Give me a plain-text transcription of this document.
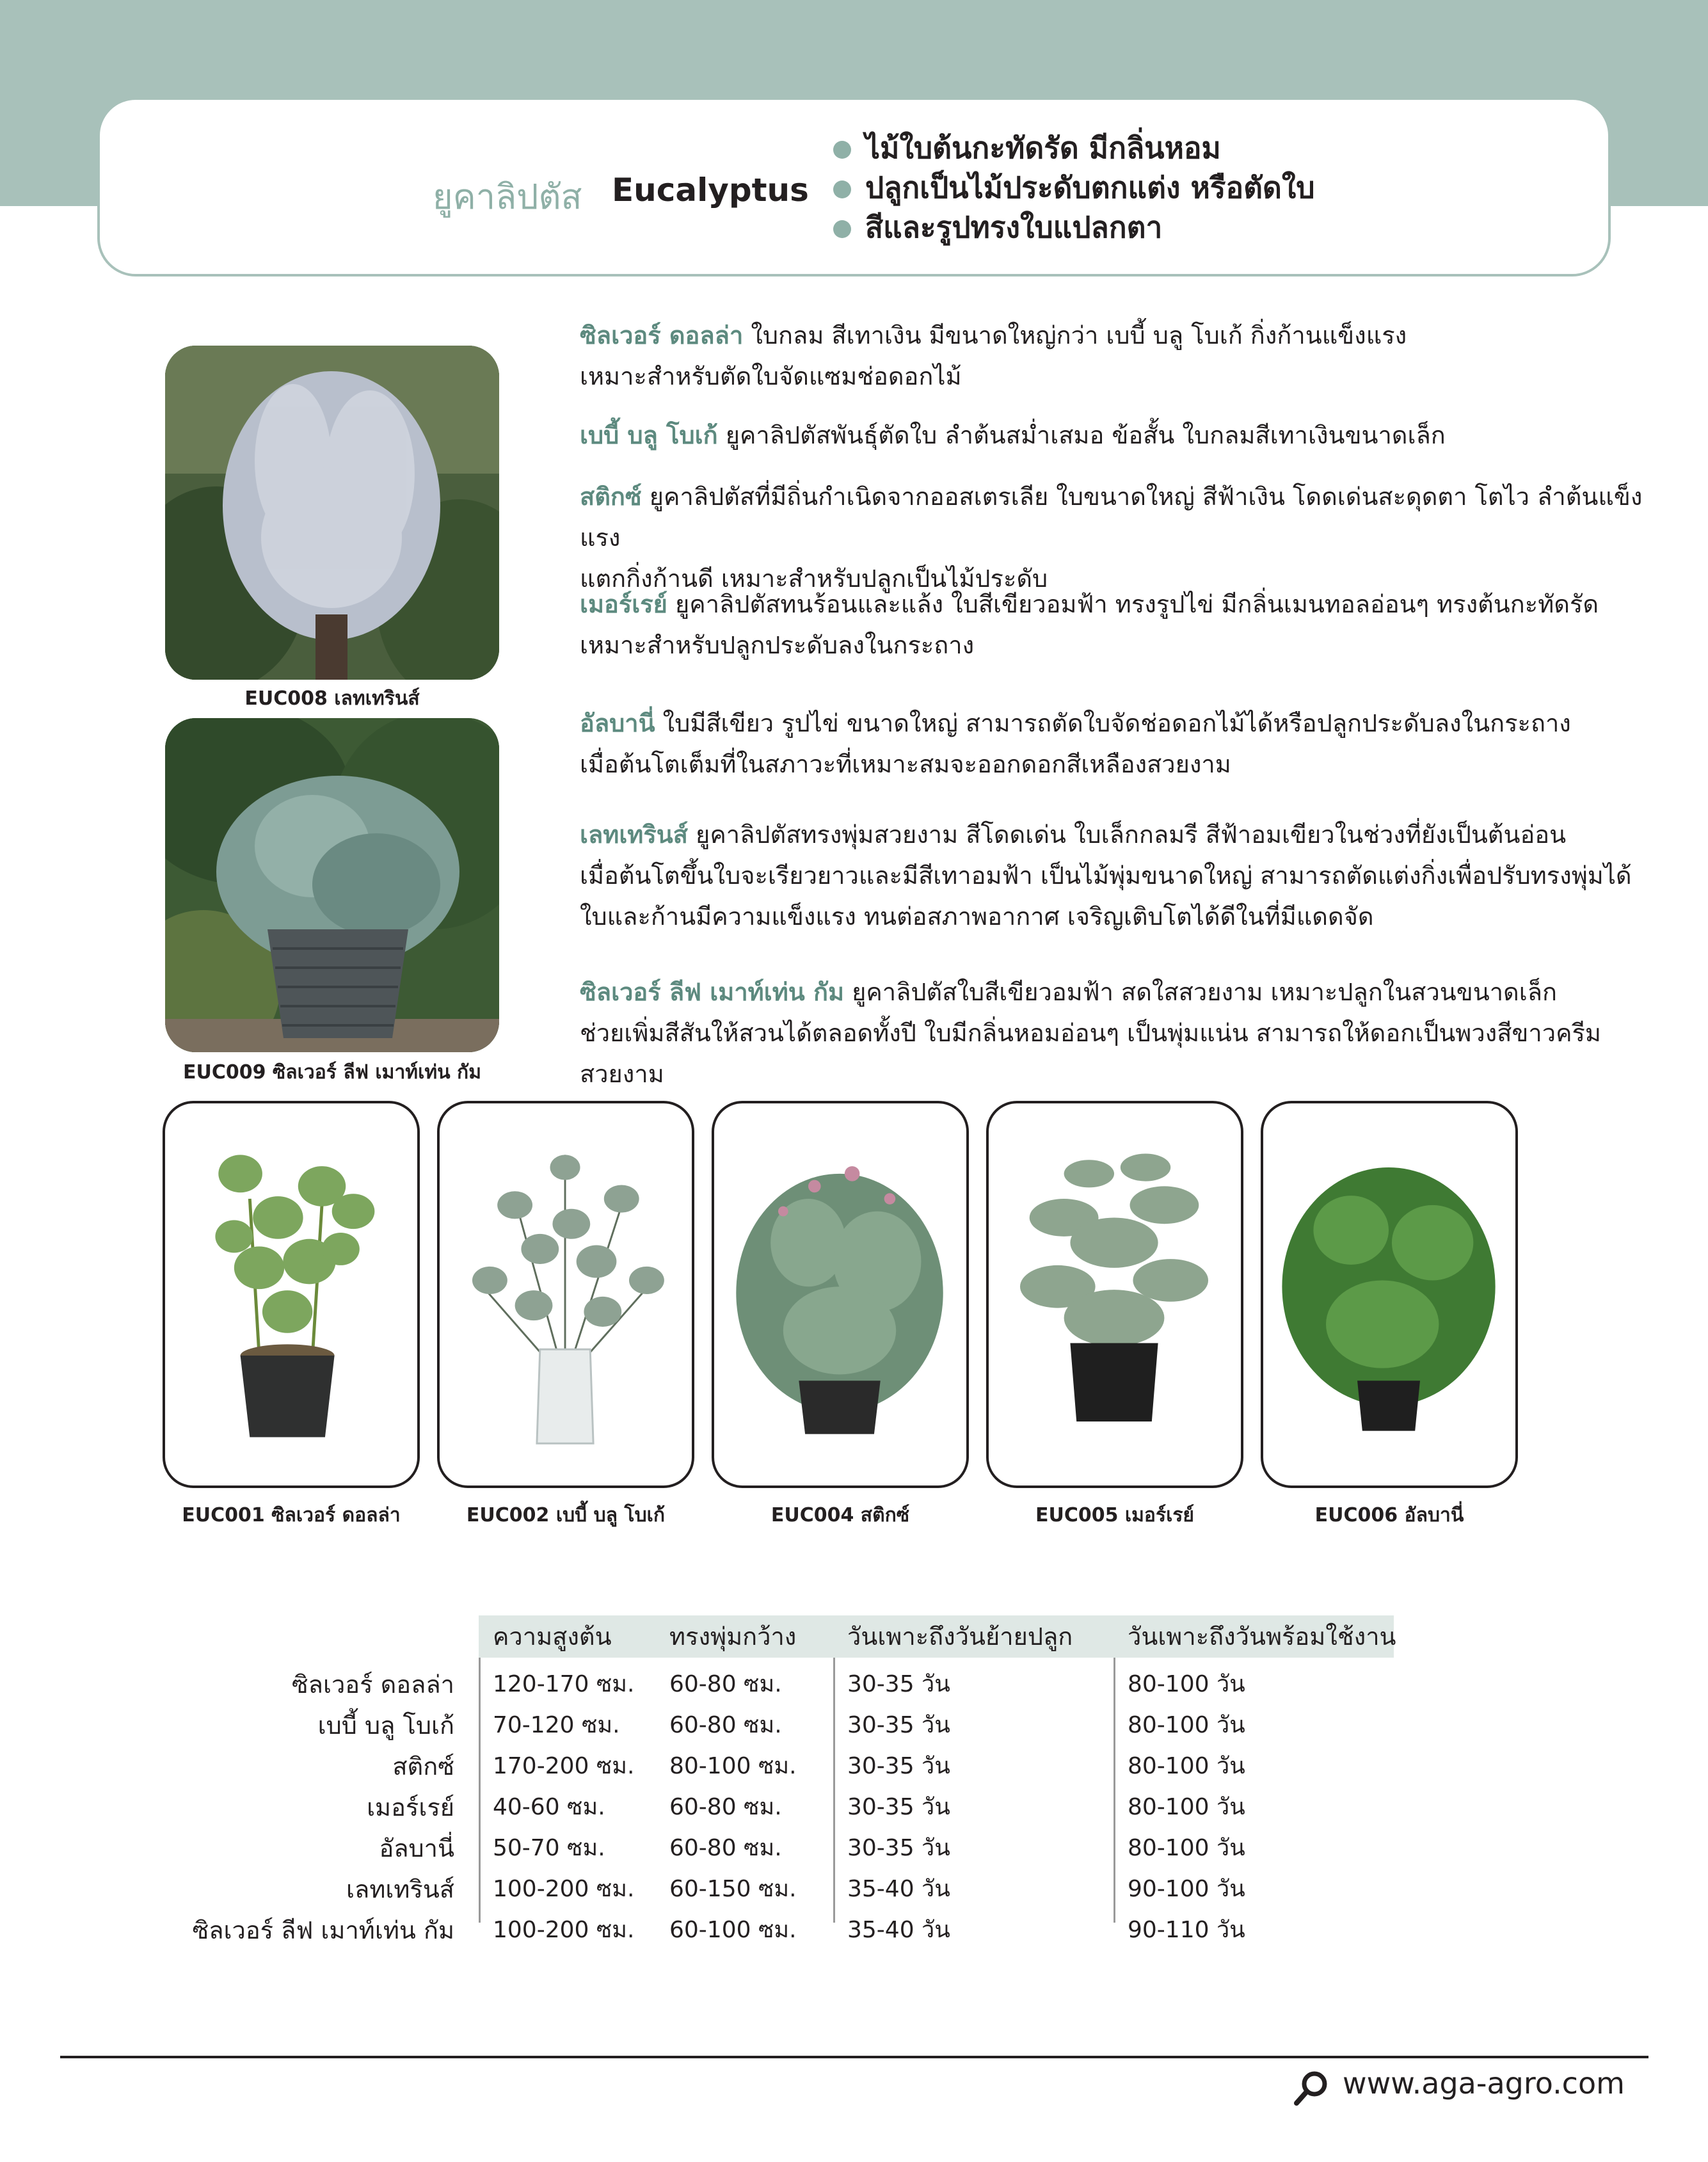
ยูคาลิปตัส Eucalyptus
ไม้ใบต้นกะทัดรัด มีกลิ่นหอม
ปลูกเป็นไม้ประดับตกแต่ง หรือตัดใบ
สีและรูปทรงใบแปลกตา
EUC008 เลทเทรินส์
EUC009 ซิลเวอร์ ลีฟ เมาท์เท่น กัม
ซิลเวอร์ ดอลล่า ใบกลม สีเทาเงิน มีขนาดใหญ่กว่า เบบี้ บลู โบเก้ กิ่งก้านแข็งแรง
เหมาะสำหรับตัดใบจัดแซมช่อดอกไม้
เบบี้ บลู โบเก้ ยูคาลิปตัสพันธุ์ตัดใบ ลำต้นสม่ำเสมอ ข้อสั้น ใบกลมสีเทาเงินขนาดเล็ก
สติกซ์ ยูคาลิปตัสที่มีถิ่นกำเนิดจากออสเตรเลีย ใบขนาดใหญ่ สีฟ้าเงิน โดดเด่นสะดุดตา โตไว ลำต้นแข็งแรง
แตกกิ่งก้านดี เหมาะสำหรับปลูกเป็นไม้ประดับ
เมอร์เรย์ ยูคาลิปตัสทนร้อนและแล้ง ใบสีเขียวอมฟ้า ทรงรูปไข่ มีกลิ่นเมนทอลอ่อนๆ ทรงต้นกะทัดรัด
เหมาะสำหรับปลูกประดับลงในกระถาง
อัลบานี่ ใบมีสีเขียว รูปไข่ ขนาดใหญ่ สามารถตัดใบจัดช่อดอกไม้ได้หรือปลูกประดับลงในกระถาง
เมื่อต้นโตเต็มที่ในสภาวะที่เหมาะสมจะออกดอกสีเหลืองสวยงาม
เลทเทรินส์ ยูคาลิปตัสทรงพุ่มสวยงาม สีโดดเด่น ใบเล็กกลมรี สีฟ้าอมเขียวในช่วงที่ยังเป็นต้นอ่อน
เมื่อต้นโตขึ้นใบจะเรียวยาวและมีสีเทาอมฟ้า เป็นไม้พุ่มขนาดใหญ่ สามารถตัดแต่งกิ่งเพื่อปรับทรงพุ่มได้
ใบและก้านมีความแข็งแรง ทนต่อสภาพอากาศ เจริญเติบโตได้ดีในที่มีแดดจัด
ซิลเวอร์ ลีฟ เมาท์เท่น กัม ยูคาลิปตัสใบสีเขียวอมฟ้า สดใสสวยงาม เหมาะปลูกในสวนขนาดเล็ก
ช่วยเพิ่มสีสันให้สวนได้ตลอดทั้งปี ใบมีกลิ่นหอมอ่อนๆ เป็นพุ่มแน่น สามารถให้ดอกเป็นพวงสีขาวครีมสวยงาม
EUC001 ซิลเวอร์ ดอลล่า	EUC002 เบบี้ บลู โบเก้	EUC004 สติกซ์	EUC005 เมอร์เรย์	EUC006 อัลบานี่
ความสูงต้น	ทรงพุ่มกว้าง	วันเพาะถึงวันย้ายปลูก	วันเพาะถึงวันพร้อมใช้งาน
ซิลเวอร์ ดอลล่า 120-170 ซม. 60-80 ซม.	30-35 วัน	80-100 วัน
เบบี้ บลู โบเก้ 70-120 ซม. 60-80 ซม.	30-35 วัน	80-100 วัน
สติกซ์ 170-200 ซม. 80-100 ซม. 30-35 วัน	80-100 วัน
เมอร์เรย์ 40-60 ซม.	60-80 ซม.	30-35 วัน	80-100 วัน
อัลบานี่ 50-70 ซม.	60-80 ซม.	30-35 วัน	80-100 วัน
เลทเทรินส์ 100-200 ซม. 60-150 ซม. 35-40 วัน	90-100 วัน
ซิลเวอร์ ลีฟ เมาท์เท่น กัม 100-200 ซม. 60-100 ซม. 35-40 วัน	90-110 วัน
www.aga-agro.com
